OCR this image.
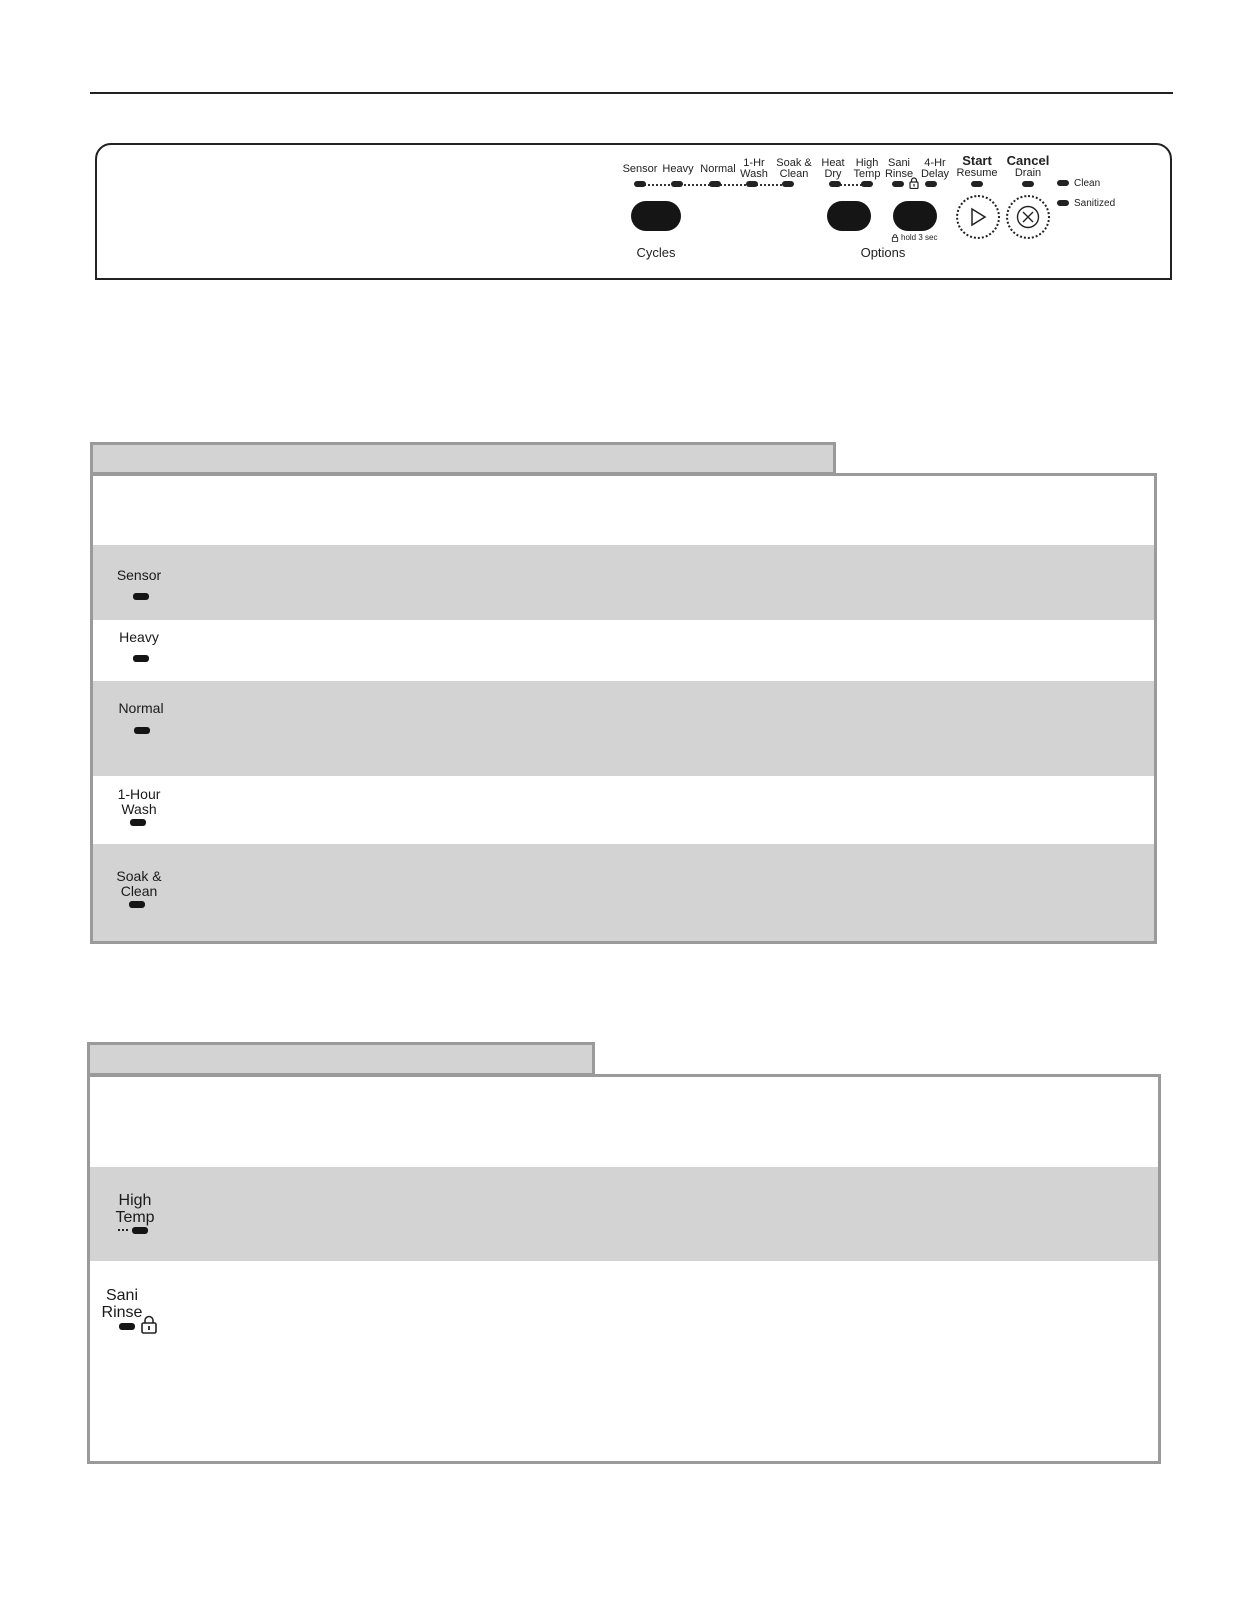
Sensor Heavy Normal 1-Hr
Wash
Soak &
Clean
Cycles
Heat
Dry
High
Temp
Sani
Rinse
4-Hr
Delay
hold 3 sec
Options
Start
Resume
Cancel
Drain
Clean
Sanitized
Sensor
Heavy
Normal
1-Hour
Wash
Soak &
Clean
High
Temp
Sani
Rinse
